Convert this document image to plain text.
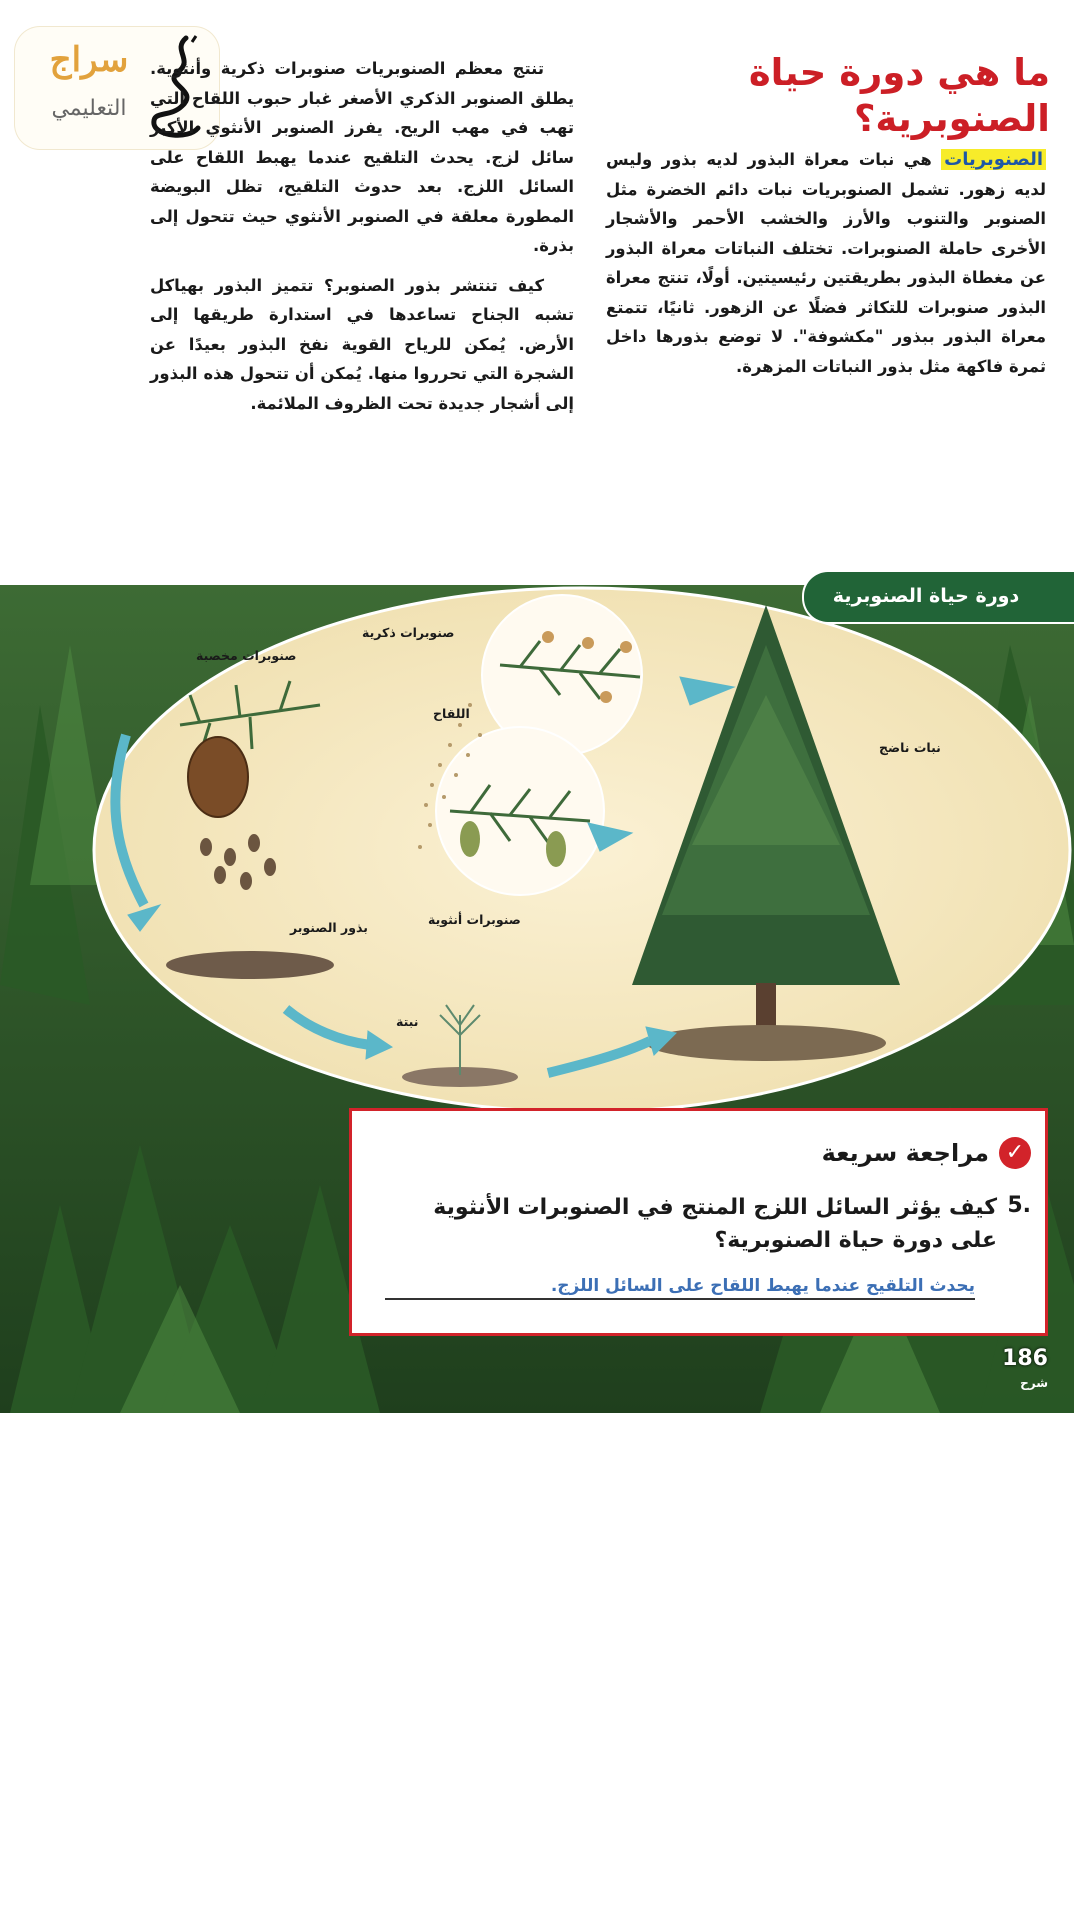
سراج
التعليمي
ما هي دورة حياة الصنوبرية؟
الصنوبريات هي نبات معراة البذور لديه بذور وليس لديه زهور. تشمل الصنوبريات نبات دائم الخضرة مثل الصنوبر والتنوب والأرز والخشب الأحمر والأشجار الأخرى حاملة الصنوبرات. تختلف النباتات معراة البذور عن مغطاة البذور بطريقتين رئيسيتين. أولًا، تنتج معراة البذور صنوبرات للتكاثر فضلًا عن الزهور. ثانيًا، تتمتع معراة البذور ببذور "مكشوفة". لا توضع بذورها داخل ثمرة فاكهة مثل بذور النباتات المزهرة.

تنتج معظم الصنوبريات صنوبرات ذكرية وأنثوية. يطلق الصنوبر الذكري الأصغر غبار حبوب اللقاح التي تهب في مهب الريح. يفرز الصنوبر الأنثوي الأكبر سائل لزج. يحدث التلقيح عندما يهبط اللقاح على السائل اللزج. بعد حدوث التلقيح، تظل البويضة المطورة معلقة في الصنوبر الأنثوي حيث تتحول إلى بذرة.

كيف تنتشر بذور الصنوبر؟ تتميز البذور بهياكل تشبه الجناح تساعدها في استدارة طريقها إلى الأرض. يُمكن للرياح القوية نفخ البذور بعيدًا عن الشجرة التي تحرروا منها. يُمكن أن تتحول هذه البذور إلى أشجار جديدة تحت الظروف الملائمة.

حقوق الطبع والنشر © محفوظة لصالح مؤسسة McGraw-Hill Education
دورة حياة الصنوبرية
صنوبرات ذكرية
صنوبرات مخصبة
اللقاح
نبات ناضج
صنوبرات أنثوية
بذور الصنوبر
نبتة
✓
مراجعة سريعة
5.
كيف يؤثر السائل اللزج المنتج في الصنوبرات الأنثوية على دورة حياة الصنوبرية؟
يحدث التلقيح عندما يهبط اللقاح على السائل اللزج.
186
شرح
